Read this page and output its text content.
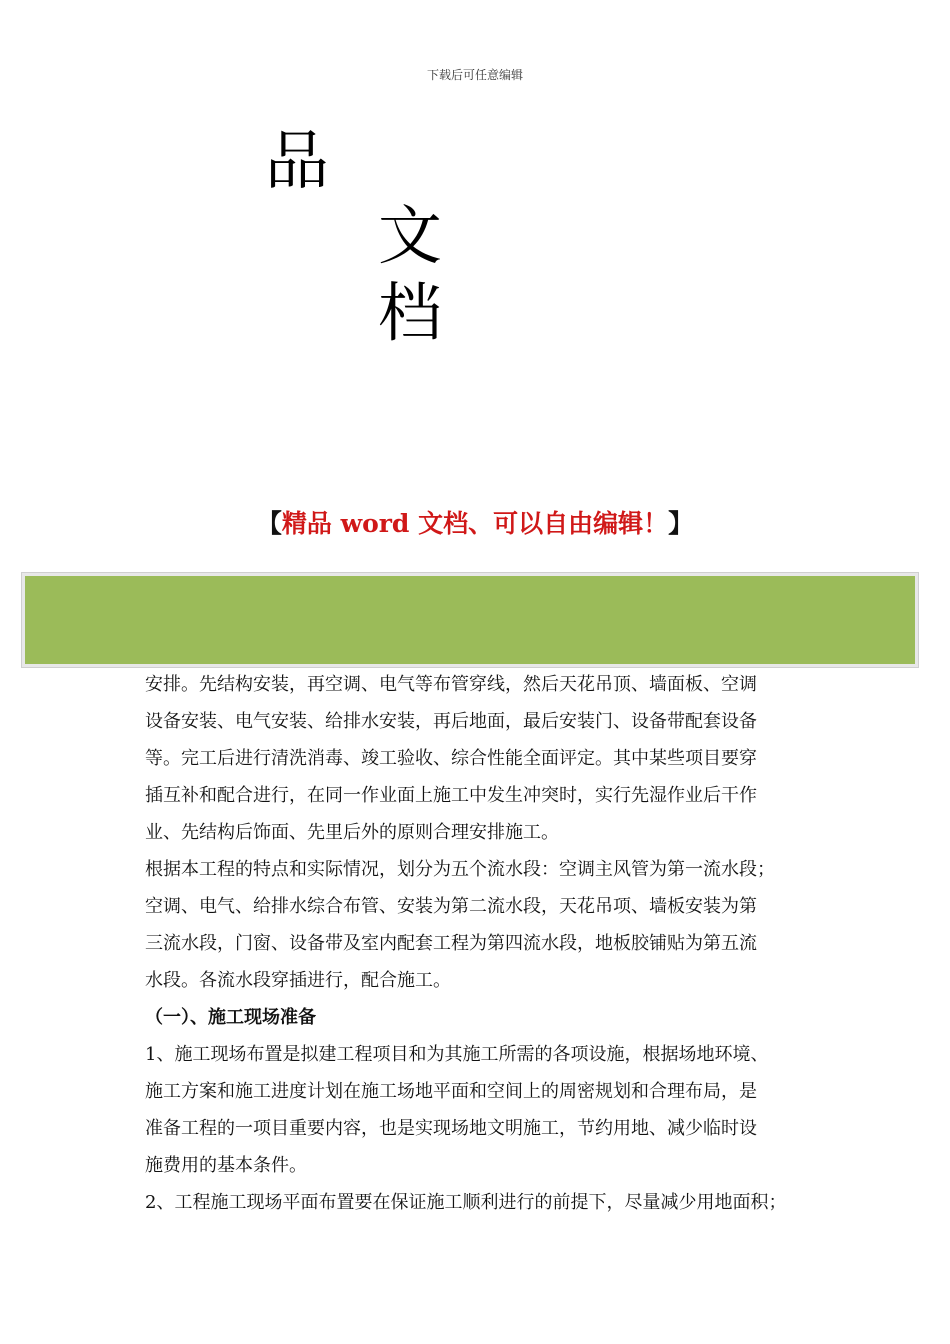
下载后可任意编辑
品
文
档
【精品 word 文档、可以自由编辑！】

安排。先结构安装，再空调、电气等布管穿线，然后天花吊顶、墙面板、空调

设备安装、电气安装、给排水安装，再后地面，最后安装门、设备带配套设备

等。完工后进行清洗消毒、竣工验收、综合性能全面评定。其中某些项目要穿

插互补和配合进行，在同一作业面上施工中发生冲突时，实行先湿作业后干作

业、先结构后饰面、先里后外的原则合理安排施工。

根据本工程的特点和实际情况，划分为五个流水段：空调主风管为第一流水段；

空调、电气、给排水综合布管、安装为第二流水段，天花吊项、墙板安装为第

三流水段，门窗、设备带及室内配套工程为第四流水段，地板胶铺贴为第五流

水段。各流水段穿插进行，配合施工。

（一）、施工现场准备

1、施工现场布置是拟建工程项目和为其施工所需的各项设施，根据场地环境、

施工方案和施工进度计划在施工场地平面和空间上的周密规划和合理布局，是

准备工程的一项目重要内容，也是实现场地文明施工，节约用地、减少临时设

施费用的基本条件。

2、工程施工现场平面布置要在保证施工顺利进行的前提下，尽量减少用地面积；
